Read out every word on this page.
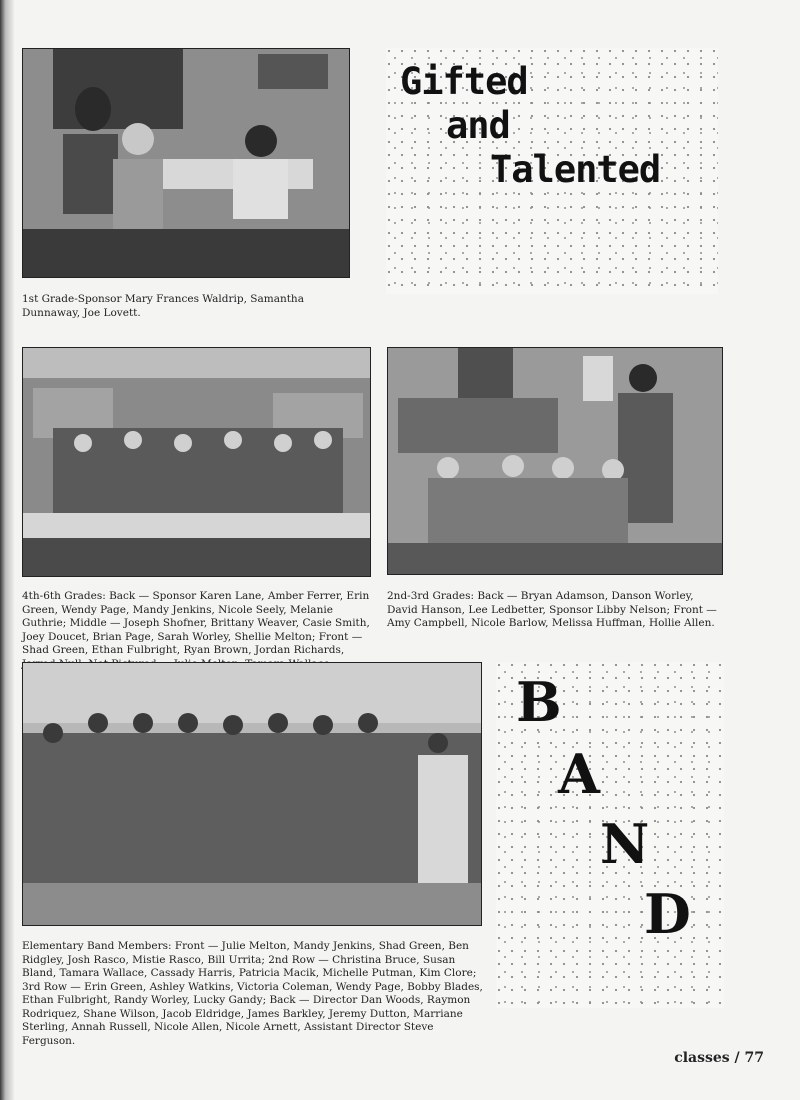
1st Grade-Sponsor Mary Frances Waldrip, Samantha Dunnaway, Joe Lovett.

Gifted
and
Talented

4th-6th Grades: Back — Sponsor Karen Lane, Amber Ferrer, Erin Green, Wendy Page, Mandy Jenkins, Nicole Seely, Melanie Guthrie; Middle — Joseph Shofner, Brittany Weaver, Casie Smith, Joey Doucet, Brian Page, Sarah Worley, Shellie Melton; Front — Shad Green, Ethan Fulbright, Ryan Brown, Jordan Richards,

2nd-3rd Grades: Back — Bryan Adamson, Danson Worley, David Hanson, Lee Ledbetter, Sponsor Libby Nelson; Front — Amy Campbell, Nicole Barlow, Melissa Huffman, Hollie Allen.

B
A
N
D

Elementary Band Members: Front — Julie Melton, Mandy Jenkins, Shad Green, Ben Ridgley, Josh Rasco, Mistie Rasco, Bill Urrita; 2nd Row — Christina Bruce, Susan Bland, Tamara Wallace, Cassady Harris, Patricia Macik, Michelle Putman, Kim Clore; 3rd Row — Erin Green, Ashley Watkins, Victoria Coleman, Wendy Page, Bobby Blades, Ethan Fulbright, Randy Worley, Lucky Gandy; Back — Director Dan Woods, Raymon Rodriquez, Shane Wilson, Jacob Eldridge, James Barkley, Jeremy Dutton, Marriane Sterling, Annah Russell, Nicole Allen, Nicole Arnett, Assistant Director Steve Ferguson.

classes / 77
